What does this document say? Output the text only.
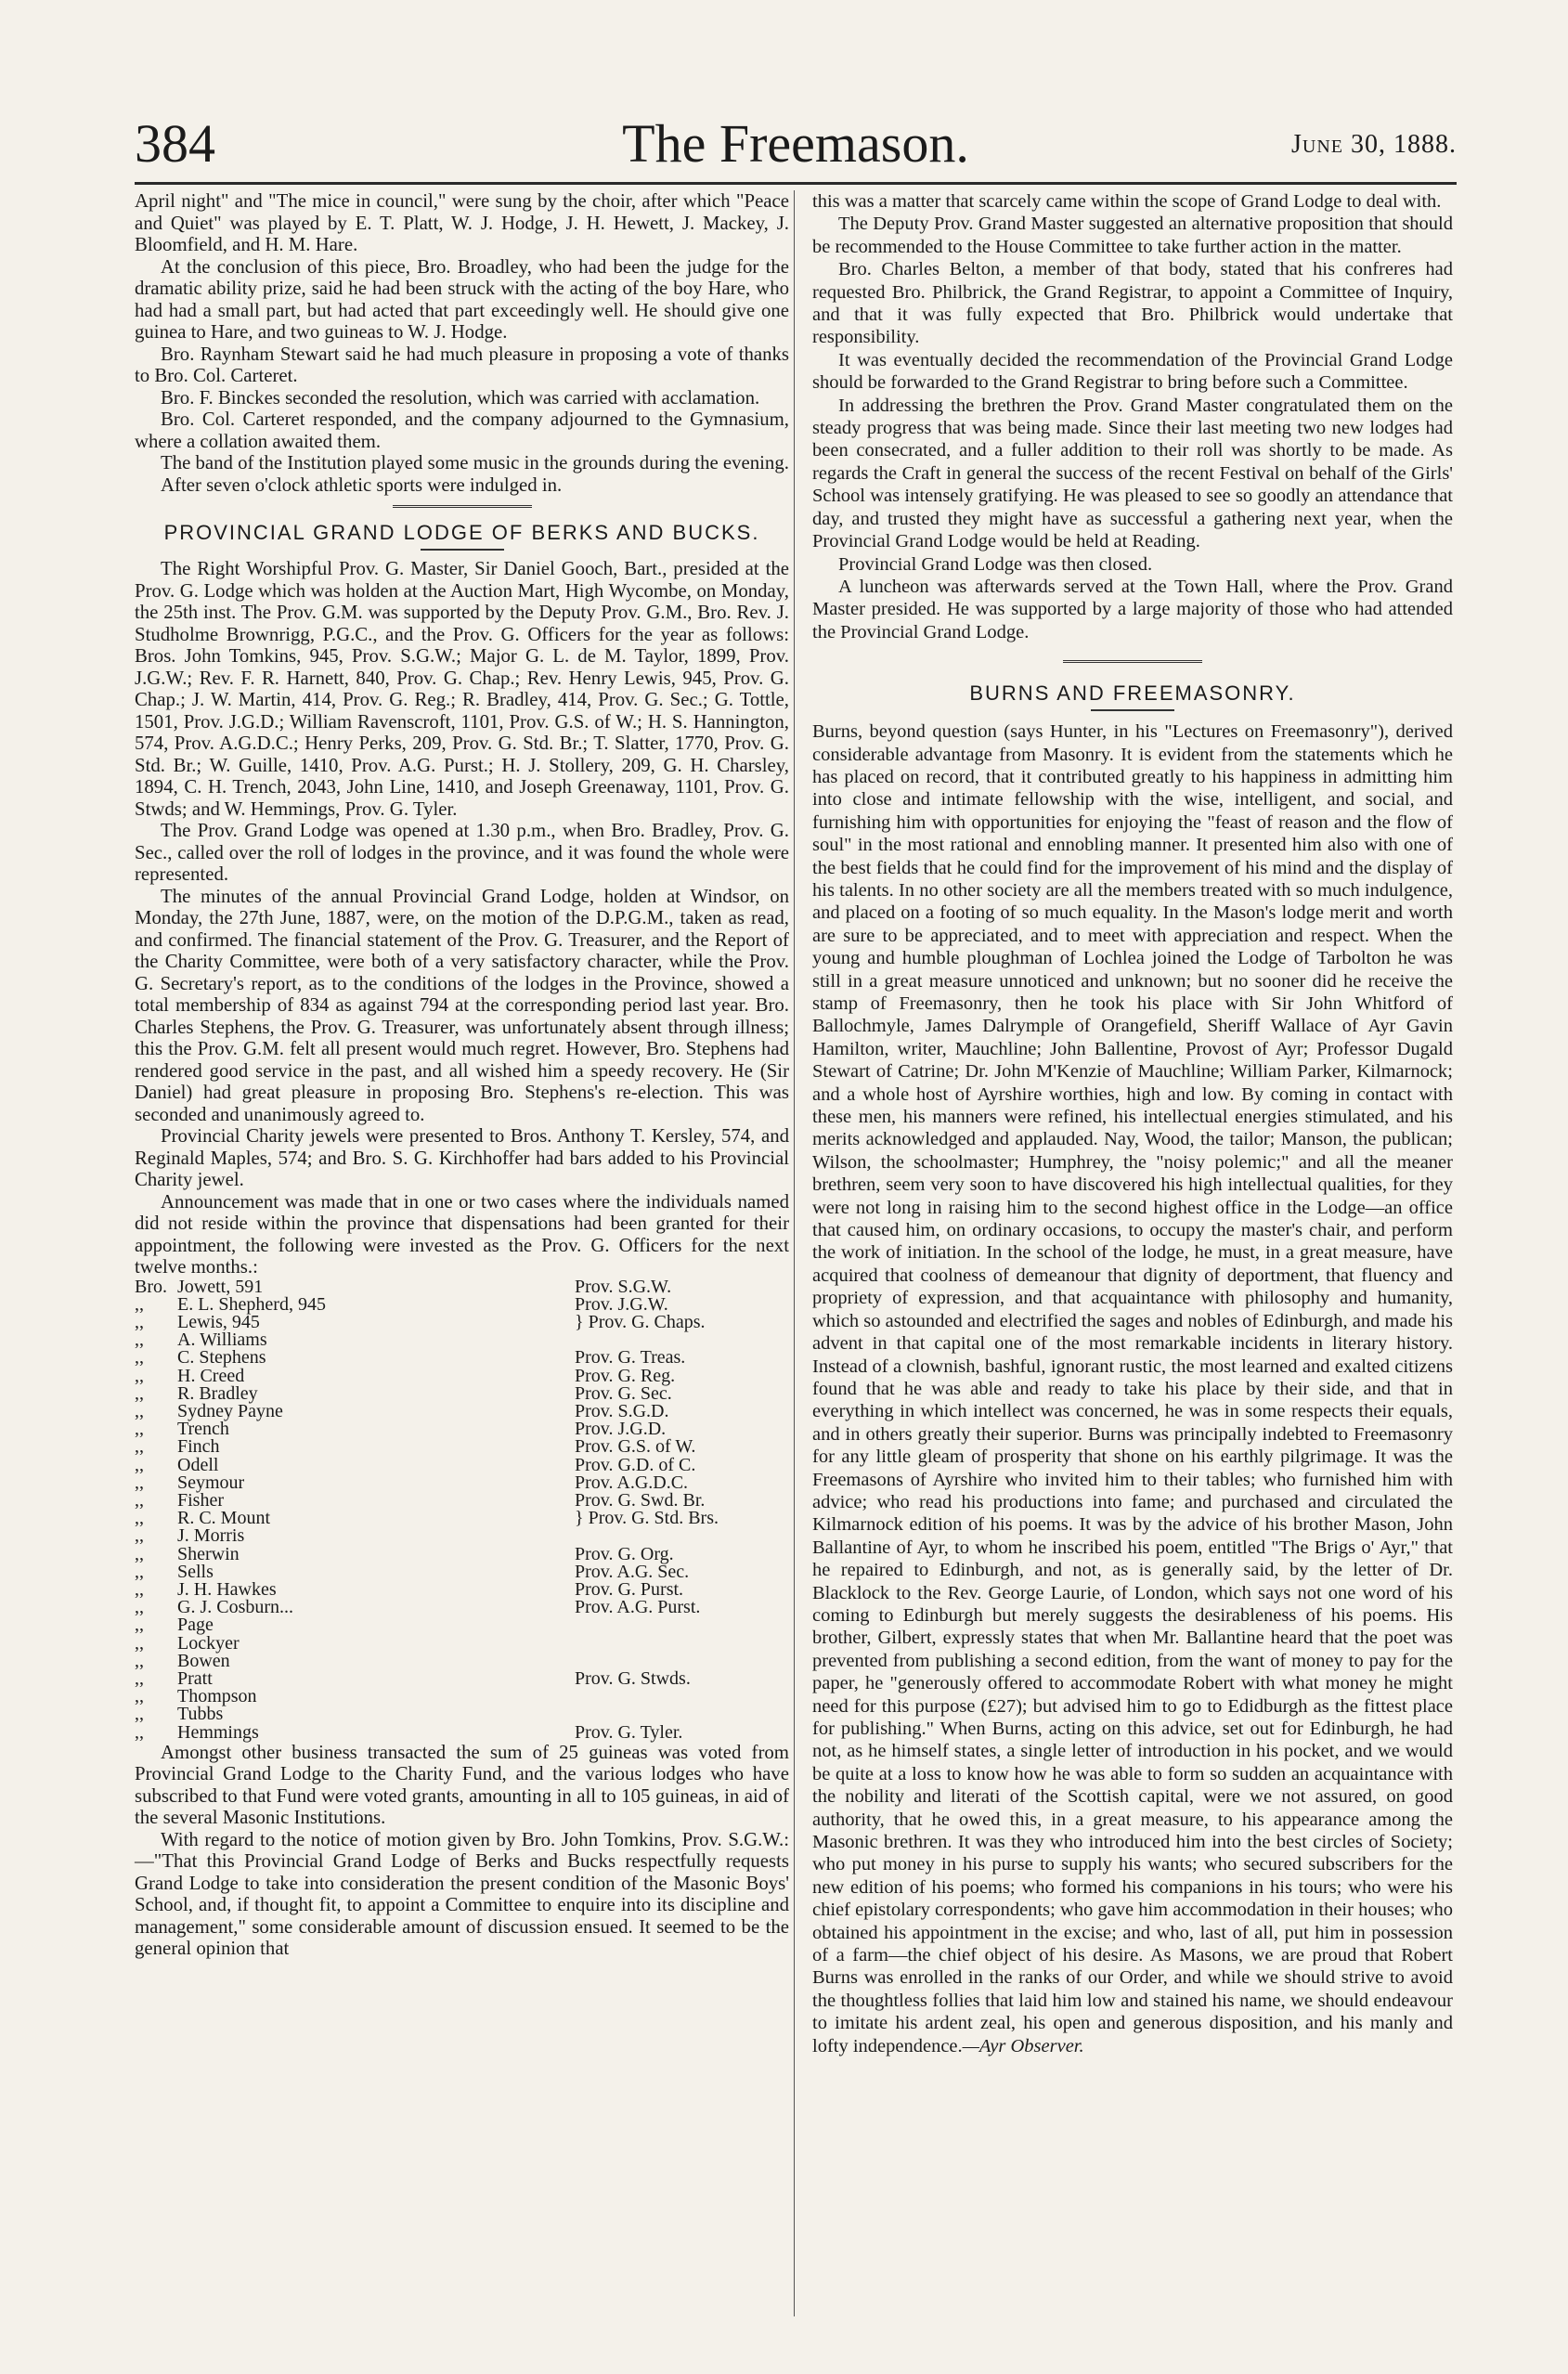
384	The Freemason.	June 30, 1888.

April night" and "The mice in council," were sung by the choir, after which "Peace and Quiet" was played by E. T. Platt, W. J. Hodge, J. H. Hewett, J. Mackey, J. Bloomfield, and H. M. Hare.

At the conclusion of this piece, Bro. Broadley, who had been the judge for the dramatic ability prize, said he had been struck with the acting of the boy Hare, who had had a small part, but had acted that part exceedingly well. He should give one guinea to Hare, and two guineas to W. J. Hodge.

Bro. Raynham Stewart said he had much pleasure in proposing a vote of thanks to Bro. Col. Carteret.

Bro. F. Binckes seconded the resolution, which was carried with acclamation.

Bro. Col. Carteret responded, and the company adjourned to the Gymnasium, where a collation awaited them.

The band of the Institution played some music in the grounds during the evening.

After seven o'clock athletic sports were indulged in.

PROVINCIAL GRAND LODGE OF BERKS AND BUCKS.

The Right Worshipful Prov. G. Master, Sir Daniel Gooch, Bart., presided at the Prov. G. Lodge which was holden at the Auction Mart, High Wycombe, on Monday, the 25th inst. The Prov. G.M. was supported by the Deputy Prov. G.M., Bro. Rev. J. Studholme Brownrigg, P.G.C., and the Prov. G. Officers for the year as follows: Bros. John Tomkins, 945, Prov. S.G.W.; Major G. L. de M. Taylor, 1899, Prov. J.G.W.; Rev. F. R. Harnett, 840, Prov. G. Chap.; Rev. Henry Lewis, 945, Prov. G. Chap.; J. W. Martin, 414, Prov. G. Reg.; R. Bradley, 414, Prov. G. Sec.; G. Tottle, 1501, Prov. J.G.D.; William Ravenscroft, 1101, Prov. G.S. of W.; H. S. Hannington, 574, Prov. A.G.D.C.; Henry Perks, 209, Prov. G. Std. Br.; T. Slatter, 1770, Prov. G. Std. Br.; W. Guille, 1410, Prov. A.G. Purst.; H. J. Stollery, 209, G. H. Charsley, 1894, C. H. Trench, 2043, John Line, 1410, and Joseph Greenaway, 1101, Prov. G. Stwds; and W. Hemmings, Prov. G. Tyler.

The Prov. Grand Lodge was opened at 1.30 p.m., when Bro. Bradley, Prov. G. Sec., called over the roll of lodges in the province, and it was found the whole were represented.

The minutes of the annual Provincial Grand Lodge, holden at Windsor, on Monday, the 27th June, 1887, were, on the motion of the D.P.G.M., taken as read, and confirmed. The financial statement of the Prov. G. Treasurer, and the Report of the Charity Committee, were both of a very satisfactory character, while the Prov. G. Secretary's report, as to the conditions of the lodges in the Province, showed a total membership of 834 as against 794 at the corresponding period last year. Bro. Charles Stephens, the Prov. G. Treasurer, was unfortunately absent through illness; this the Prov. G.M. felt all present would much regret. However, Bro. Stephens had rendered good service in the past, and all wished him a speedy recovery. He (Sir Daniel) had great pleasure in proposing Bro. Stephens's re-election. This was seconded and unanimously agreed to.

Provincial Charity jewels were presented to Bros. Anthony T. Kersley, 574, and Reginald Maples, 574; and Bro. S. G. Kirchhoffer had bars added to his Provincial Charity jewel.

Announcement was made that in one or two cases where the individuals named did not reside within the province that dispensations had been granted for their appointment, the following were invested as the Prov. G. Officers for the next twelve months.:

Bro.	Jowett, 591	Prov. S.G.W.
,,	E. L. Shepherd, 945	Prov. J.G.W.
,,	Lewis, 945	} Prov. G. Chaps.
,,	A. Williams	
,,	C. Stephens	Prov. G. Treas.
,,	H. Creed	Prov. G. Reg.
,,	R. Bradley	Prov. G. Sec.
,,	Sydney Payne	Prov. S.G.D.
,,	Trench	Prov. J.G.D.
,,	Finch	Prov. G.S. of W.
,,	Odell	Prov. G.D. of C.
,,	Seymour	Prov. A.G.D.C.
,,	Fisher	Prov. G. Swd. Br.
,,	R. C. Mount	} Prov. G. Std. Brs.
,,	J. Morris	
,,	Sherwin	Prov. G. Org.
,,	Sells	Prov. A.G. Sec.
,,	J. H. Hawkes	Prov. G. Purst.
,,	G. J. Cosburn...	Prov. A.G. Purst.
,,	Page	
,,	Lockyer	
,,	Bowen	
,,	Pratt	Prov. G. Stwds.
,,	Thompson	
,,	Tubbs	
,,	Hemmings	Prov. G. Tyler.

Amongst other business transacted the sum of 25 guineas was voted from Provincial Grand Lodge to the Charity Fund, and the various lodges who have subscribed to that Fund were voted grants, amounting in all to 105 guineas, in aid of the several Masonic Institutions.

With regard to the notice of motion given by Bro. John Tomkins, Prov. S.G.W.:—"That this Provincial Grand Lodge of Berks and Bucks respectfully requests Grand Lodge to take into consideration the present condition of the Masonic Boys' School, and, if thought fit, to appoint a Committee to enquire into its discipline and management," some considerable amount of discussion ensued. It seemed to be the general opinion that

this was a matter that scarcely came within the scope of Grand Lodge to deal with.

The Deputy Prov. Grand Master suggested an alternative proposition that should be recommended to the House Committee to take further action in the matter.

Bro. Charles Belton, a member of that body, stated that his confreres had requested Bro. Philbrick, the Grand Registrar, to appoint a Committee of Inquiry, and that it was fully expected that Bro. Philbrick would undertake that responsibility.

It was eventually decided the recommendation of the Provincial Grand Lodge should be forwarded to the Grand Registrar to bring before such a Committee.

In addressing the brethren the Prov. Grand Master congratulated them on the steady progress that was being made. Since their last meeting two new lodges had been consecrated, and a fuller addition to their roll was shortly to be made. As regards the Craft in general the success of the recent Festival on behalf of the Girls' School was intensely gratifying. He was pleased to see so goodly an attendance that day, and trusted they might have as successful a gathering next year, when the Provincial Grand Lodge would be held at Reading.

Provincial Grand Lodge was then closed.

A luncheon was afterwards served at the Town Hall, where the Prov. Grand Master presided. He was supported by a large majority of those who had attended the Provincial Grand Lodge.

BURNS AND FREEMASONRY.

Burns, beyond question (says Hunter, in his "Lectures on Freemasonry"), derived considerable advantage from Masonry. It is evident from the statements which he has placed on record, that it contributed greatly to his happiness in admitting him into close and intimate fellowship with the wise, intelligent, and social, and furnishing him with opportunities for enjoying the "feast of reason and the flow of soul" in the most rational and ennobling manner. It presented him also with one of the best fields that he could find for the improvement of his mind and the display of his talents. In no other society are all the members treated with so much indulgence, and placed on a footing of so much equality. In the Mason's lodge merit and worth are sure to be appreciated, and to meet with appreciation and respect. When the young and humble ploughman of Lochlea joined the Lodge of Tarbolton he was still in a great measure unnoticed and unknown; but no sooner did he receive the stamp of Freemasonry, then he took his place with Sir John Whitford of Ballochmyle, James Dalrymple of Orangefield, Sheriff Wallace of Ayr Gavin Hamilton, writer, Mauchline; John Ballentine, Provost of Ayr; Professor Dugald Stewart of Catrine; Dr. John M'Kenzie of Mauchline; William Parker, Kilmarnock; and a whole host of Ayrshire worthies, high and low. By coming in contact with these men, his manners were refined, his intellectual energies stimulated, and his merits acknowledged and applauded. Nay, Wood, the tailor; Manson, the publican; Wilson, the schoolmaster; Humphrey, the "noisy polemic;" and all the meaner brethren, seem very soon to have discovered his high intellectual qualities, for they were not long in raising him to the second highest office in the Lodge—an office that caused him, on ordinary occasions, to occupy the master's chair, and perform the work of initiation. In the school of the lodge, he must, in a great measure, have acquired that coolness of demeanour that dignity of deportment, that fluency and propriety of expression, and that acquaintance with philosophy and humanity, which so astounded and electrified the sages and nobles of Edinburgh, and made his advent in that capital one of the most remarkable incidents in literary history. Instead of a clownish, bashful, ignorant rustic, the most learned and exalted citizens found that he was able and ready to take his place by their side, and that in everything in which intellect was concerned, he was in some respects their equals, and in others greatly their superior. Burns was principally indebted to Freemasonry for any little gleam of prosperity that shone on his earthly pilgrimage. It was the Freemasons of Ayrshire who invited him to their tables; who furnished him with advice; who read his productions into fame; and purchased and circulated the Kilmarnock edition of his poems. It was by the advice of his brother Mason, John Ballantine of Ayr, to whom he inscribed his poem, entitled "The Brigs o' Ayr," that he repaired to Edinburgh, and not, as is generally said, by the letter of Dr. Blacklock to the Rev. George Laurie, of London, which says not one word of his coming to Edinburgh but merely suggests the desirableness of his poems. His brother, Gilbert, expressly states that when Mr. Ballantine heard that the poet was prevented from publishing a second edition, from the want of money to pay for the paper, he "generously offered to accommodate Robert with what money he might need for this purpose (£27); but advised him to go to Edidburgh as the fittest place for publishing." When Burns, acting on this advice, set out for Edinburgh, he had not, as he himself states, a single letter of introduction in his pocket, and we would be quite at a loss to know how he was able to form so sudden an acquaintance with the nobility and literati of the Scottish capital, were we not assured, on good authority, that he owed this, in a great measure, to his appearance among the Masonic brethren. It was they who introduced him into the best circles of Society; who put money in his purse to supply his wants; who secured subscribers for the new edition of his poems; who formed his companions in his tours; who were his chief epistolary correspondents; who gave him accommodation in their houses; who obtained his appointment in the excise; and who, last of all, put him in possession of a farm—the chief object of his desire. As Masons, we are proud that Robert Burns was enrolled in the ranks of our Order, and while we should strive to avoid the thoughtless follies that laid him low and stained his name, we should endeavour to imitate his ardent zeal, his open and generous disposition, and his manly and lofty independence.—Ayr Observer.
